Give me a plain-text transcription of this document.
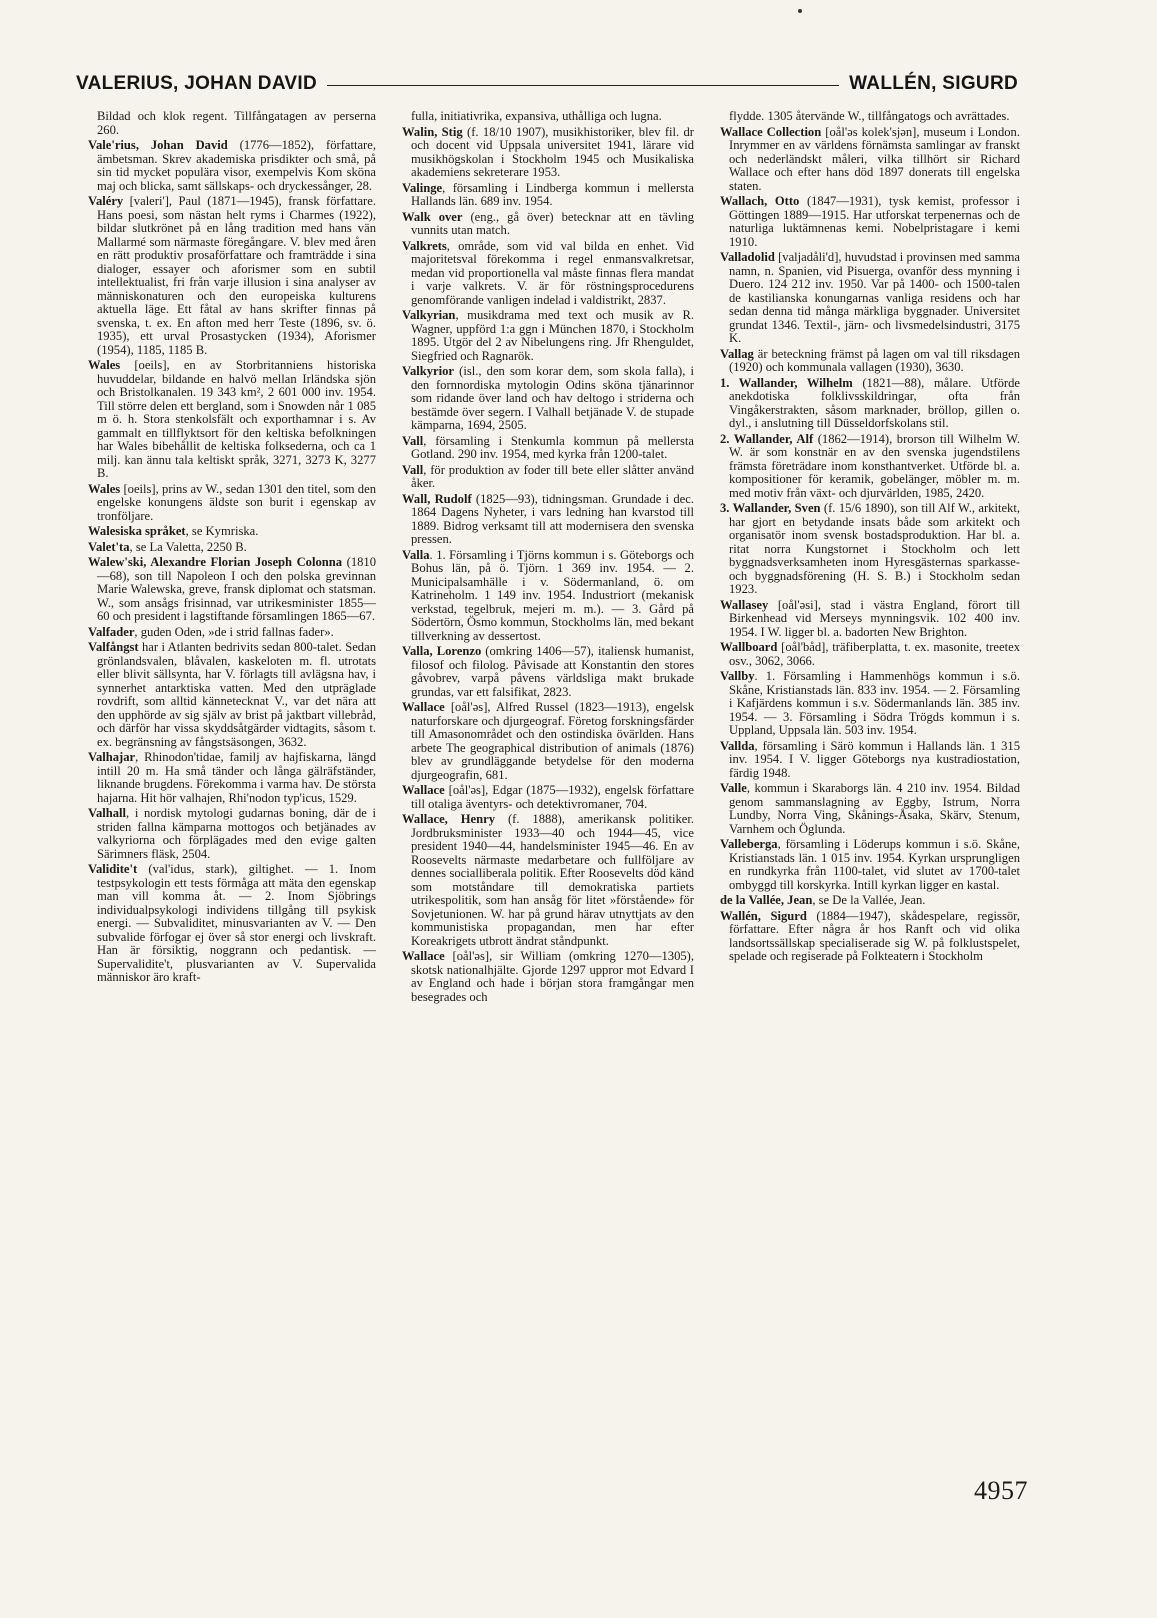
VALERIUS, JOHAN DAVID	WALLÉN, SIGURD

Bildad och klok regent. Tillfångatagen av perserna 260.

Vale'rius, Johan David (1776—1852), författare, ämbetsman. Skrev akademiska prisdikter och små, på sin tid mycket populära visor, exempelvis Kom sköna maj och blicka, samt sällskaps- och dryckessånger, 28.

Valéry [valeri'], Paul (1871—1945), fransk författare. Hans poesi, som nästan helt ryms i Charmes (1922), bildar slutkrönet på en lång tradition med hans vän Mallarmé som närmaste föregångare. V. blev med åren en rätt produktiv prosaförfattare och framträdde i sina dialoger, essayer och aforismer som en subtil intellektualist, fri från varje illusion i sina analyser av människonaturen och den europeiska kulturens aktuella läge. Ett fåtal av hans skrifter finnas på svenska, t. ex. En afton med herr Teste (1896, sv. ö. 1935), ett urval Prosastycken (1934), Aforismer (1954), 1185, 1185 B.

Wales [oeils], en av Storbritanniens historiska huvuddelar, bildande en halvö mellan Irländska sjön och Bristolkanalen. 19 343 km², 2 601 000 inv. 1954. Till större delen ett bergland, som i Snowden når 1 085 m ö. h. Stora stenkolsfält och exporthamnar i s. Av gammalt en tillflyktsort för den keltiska befolkningen har Wales bibehållit de keltiska folksederna, och ca 1 milj. kan ännu tala keltiskt språk, 3271, 3273 K, 3277 B.

Wales [oeils], prins av W., sedan 1301 den titel, som den engelske konungens äldste son burit i egenskap av tronföljare.

Walesiska språket, se Kymriska.

Valet'ta, se La Valetta, 2250 B.

Walew'ski, Alexandre Florian Joseph Colonna (1810—68), son till Napoleon I och den polska grevinnan Marie Walewska, greve, fransk diplomat och statsman. W., som ansågs frisinnad, var utrikesminister 1855—60 och president i lagstiftande församlingen 1865—67.

Valfader, guden Oden, »de i strid fallnas fader».

Valfångst har i Atlanten bedrivits sedan 800-talet. Sedan grönlandsvalen, blåvalen, kaskeloten m. fl. utrotats eller blivit sällsynta, har V. förlagts till avlägsna hav, i synnerhet antarktiska vatten. Med den utpräglade rovdrift, som alltid kännetecknat V., var det nära att den upphörde av sig själv av brist på jaktbart villebråd, och därför har vissa skyddsåtgärder vidtagits, såsom t. ex. begränsning av fångstsäsongen, 3632.

Valhajar, Rhinodon'tidae, familj av hajfiskarna, längd intill 20 m. Ha små tänder och långa gälräfständer, liknande brugdens. Förekomma i varma hav. De största hajarna. Hit hör valhajen, Rhi'nodon typ'icus, 1529.

Valhall, i nordisk mytologi gudarnas boning, där de i striden fallna kämparna mottogos och betjänades av valkyriorna och förplägades med den evige galten Särimners fläsk, 2504.

Validite't (val'idus, stark), giltighet. — 1. Inom testpsykologin ett tests förmåga att mäta den egenskap man vill komma åt. — 2. Inom Sjöbrings individualpsykologi individens tillgång till psykisk energi. — Subvaliditet, minusvarianten av V. — Den subvalide förfogar ej över så stor energi och livskraft. Han är försiktig, noggrann och pedantisk. — Supervalidite't, plusvarianten av V. Supervalida människor äro kraft-

fulla, initiativrika, expansiva, uthålliga och lugna.

Walin, Stig (f. 18/10 1907), musikhistoriker, blev fil. dr och docent vid Uppsala universitet 1941, lärare vid musikhögskolan i Stockholm 1945 och Musikaliska akademiens sekreterare 1953.

Valinge, församling i Lindberga kommun i mellersta Hallands län. 689 inv. 1954.

Walk over (eng., gå över) betecknar att en tävling vunnits utan match.

Valkrets, område, som vid val bilda en enhet. Vid majoritetsval förekomma i regel enmansvalkretsar, medan vid proportionella val måste finnas flera mandat i varje valkrets. V. är för röstningsprocedurens genomförande vanligen indelad i valdistrikt, 2837.

Valkyrian, musikdrama med text och musik av R. Wagner, uppförd 1:a ggn i München 1870, i Stockholm 1895. Utgör del 2 av Nibelungens ring. Jfr Rhenguldet, Siegfried och Ragnarök.

Valkyrior (isl., den som korar dem, som skola falla), i den fornnordiska mytologin Odins sköna tjänarinnor som ridande över land och hav deltogo i striderna och bestämde över segern. I Valhall betjänade V. de stupade kämparna, 1694, 2505.

Vall, församling i Stenkumla kommun på mellersta Gotland. 290 inv. 1954, med kyrka från 1200-talet.

Vall, för produktion av foder till bete eller slåtter använd åker.

Wall, Rudolf (1825—93), tidningsman. Grundade i dec. 1864 Dagens Nyheter, i vars ledning han kvarstod till 1889. Bidrog verksamt till att modernisera den svenska pressen.

Valla. 1. Församling i Tjörns kommun i s. Göteborgs och Bohus län, på ö. Tjörn. 1 369 inv. 1954. — 2. Municipalsamhälle i v. Södermanland, ö. om Katrineholm. 1 149 inv. 1954. Industriort (mekanisk verkstad, tegelbruk, mejeri m. m.). — 3. Gård på Södertörn, Ösmo kommun, Stockholms län, med bekant tillverkning av dessertost.

Valla, Lorenzo (omkring 1406—57), italiensk humanist, filosof och filolog. Påvisade att Konstantin den stores gåvobrev, varpå påvens världsliga makt brukade grundas, var ett falsifikat, 2823.

Wallace [oål'əs], Alfred Russel (1823—1913), engelsk naturforskare och djurgeograf. Företog forskningsfärder till Amasonområdet och den ostindiska övärlden. Hans arbete The geographical distribution of animals (1876) blev av grundläggande betydelse för den moderna djurgeografin, 681.

Wallace [oål'əs], Edgar (1875—1932), engelsk författare till otaliga äventyrs- och detektivromaner, 704.

Wallace, Henry (f. 1888), amerikansk politiker. Jordbruksminister 1933—40 och 1944—45, vice president 1940—44, handelsminister 1945—46. En av Roosevelts närmaste medarbetare och fullföljare av dennes socialliberala politik. Efter Roosevelts död känd som motståndare till demokratiska partiets utrikespolitik, som han ansåg för litet »förstående» för Sovjetunionen. W. har på grund härav utnyttjats av den kommunistiska propagandan, men har efter Koreakrigets utbrott ändrat ståndpunkt.

Wallace [oål'əs], sir William (omkring 1270—1305), skotsk nationalhjälte. Gjorde 1297 uppror mot Edvard I av England och hade i början stora framgångar men besegrades och

flydde. 1305 återvände W., tillfångatogs och avrättades.

Wallace Collection [oål'əs kolek'sjən], museum i London. Inrymmer en av världens förnämsta samlingar av franskt och nederländskt måleri, vilka tillhört sir Richard Wallace och efter hans död 1897 donerats till engelska staten.

Wallach, Otto (1847—1931), tysk kemist, professor i Göttingen 1889—1915. Har utforskat terpenernas och de naturliga luktämnenas kemi. Nobelpristagare i kemi 1910.

Valladolid [valjadåli'd], huvudstad i provinsen med samma namn, n. Spanien, vid Pisuerga, ovanför dess mynning i Duero. 124 212 inv. 1950. Var på 1400- och 1500-talen de kastilianska konungarnas vanliga residens och har sedan denna tid många märkliga byggnader. Universitet grundat 1346. Textil-, järn- och livsmedelsindustri, 3175 K.

Vallag är beteckning främst på lagen om val till riksdagen (1920) och kommunala vallagen (1930), 3630.

1. Wallander, Wilhelm (1821—88), målare. Utförde anekdotiska folklivsskildringar, ofta från Vingåkerstrakten, såsom marknader, bröllop, gillen o. dyl., i anslutning till Düsseldorfskolans stil.

2. Wallander, Alf (1862—1914), brorson till Wilhelm W. W. är som konstnär en av den svenska jugendstilens främsta företrädare inom konsthantverket. Utförde bl. a. kompositioner för keramik, gobelänger, möbler m. m. med motiv från växt- och djurvärlden, 1985, 2420.

3. Wallander, Sven (f. 15/6 1890), son till Alf W., arkitekt, har gjort en betydande insats både som arkitekt och organisatör inom svensk bostadsproduktion. Har bl. a. ritat norra Kungstornet i Stockholm och lett byggnadsverksamheten inom Hyresgästernas sparkasse- och byggnadsförening (H. S. B.) i Stockholm sedan 1923.

Wallasey [oål'əsi], stad i västra England, förort till Birkenhead vid Merseys mynningsvik. 102 400 inv. 1954. I W. ligger bl. a. badorten New Brighton.

Wallboard [oål'båd], träfiberplatta, t. ex. masonite, treetex osv., 3062, 3066.

Vallby. 1. Församling i Hammenhögs kommun i s.ö. Skåne, Kristianstads län. 833 inv. 1954. — 2. Församling i Kafjärdens kommun i s.v. Södermanlands län. 385 inv. 1954. — 3. Församling i Södra Trögds kommun i s. Uppland, Uppsala län. 503 inv. 1954.

Vallda, församling i Särö kommun i Hallands län. 1 315 inv. 1954. I V. ligger Göteborgs nya kustradiostation, färdig 1948.

Valle, kommun i Skaraborgs län. 4 210 inv. 1954. Bildad genom sammanslagning av Eggby, Istrum, Norra Lundby, Norra Ving, Skånings-Åsaka, Skärv, Stenum, Varnhem och Öglunda.

Valleberga, församling i Löderups kommun i s.ö. Skåne, Kristianstads län. 1 015 inv. 1954. Kyrkan ursprungligen en rundkyrka från 1100-talet, vid slutet av 1700-talet ombyggd till korskyrka. Intill kyrkan ligger en kastal.

de la Vallée, Jean, se De la Vallée, Jean.

Wallén, Sigurd (1884—1947), skådespelare, regissör, författare. Efter några år hos Ranft och vid olika landsortssällskap specialiserade sig W. på folklustspelet, spelade och regiserade på Folkteatern i Stockholm

4957
